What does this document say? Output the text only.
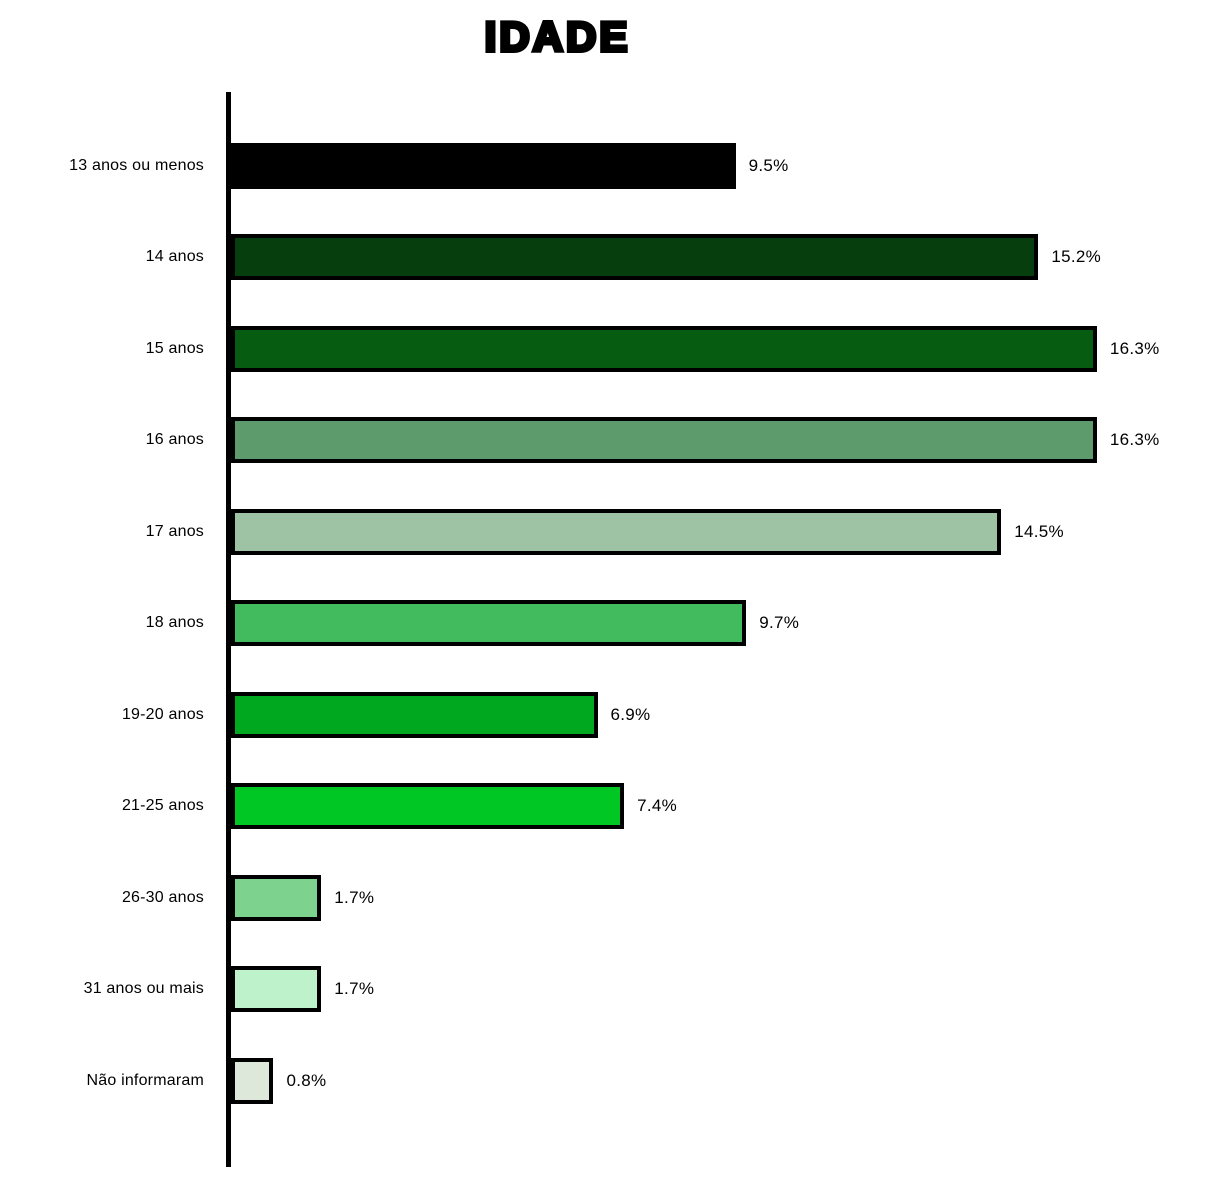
IDADE
13 anos ou menos	9.5%
14 anos	15.2%
15 anos	16.3%
16 anos	16.3%
17 anos	14.5%
18 anos	9.7%
19-20 anos	6.9%
21-25 anos	7.4%
26-30 anos	1.7%
31 anos ou mais	1.7%
Não informaram	0.8%
